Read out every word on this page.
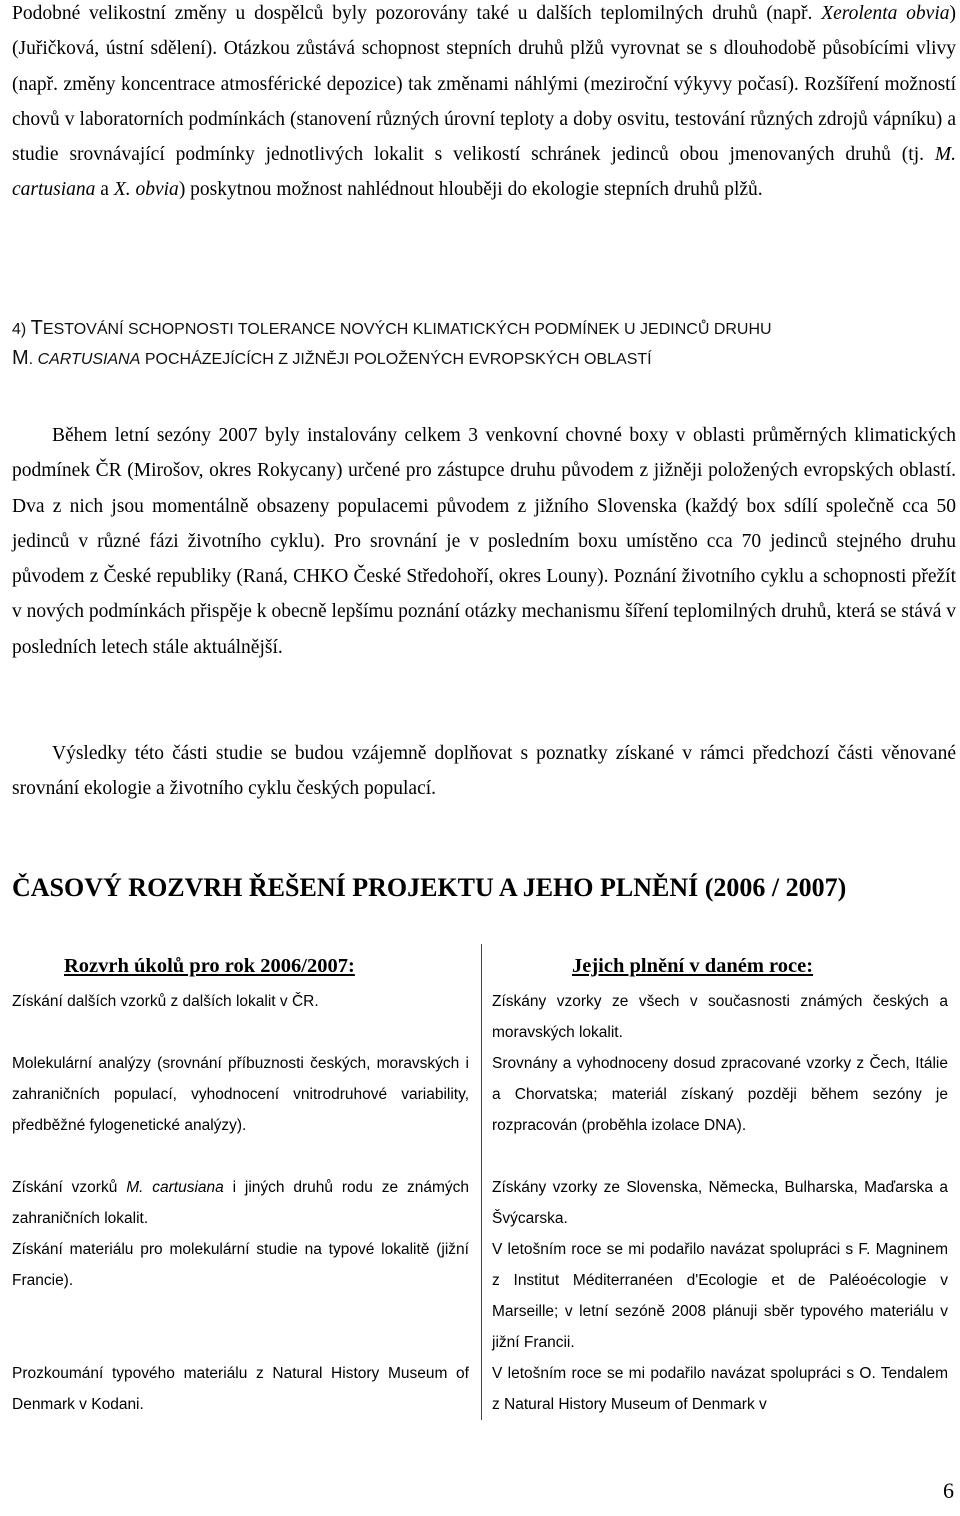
Podobné velikostní změny u dospělců byly pozorovány také u dalších teplomilných druhů (např. Xerolenta obvia) (Juřičková, ústní sdělení). Otázkou zůstává schopnost stepních druhů plžů vyrovnat se s dlouhodobě působícími vlivy (např. změny koncentrace atmosférické depozice) tak změnami náhlými (meziroční výkyvy počasí). Rozšíření možností chovů v laboratorních podmínkách (stanovení různých úrovní teploty a doby osvitu, testování různých zdrojů vápníku) a studie srovnávající podmínky jednotlivých lokalit s velikostí schránek jedinců obou jmenovaných druhů (tj. M. cartusiana a X. obvia) poskytnou možnost nahlédnout hlouběji do ekologie stepních druhů plžů.

4) TESTOVÁNÍ SCHOPNOSTI TOLERANCE NOVÝCH KLIMATICKÝCH PODMÍNEK U JEDINCŮ DRUHU
M. CARTUSIANA POCHÁZEJÍCÍCH Z JIŽNĚJI POLOŽENÝCH EVROPSKÝCH OBLASTÍ

Během letní sezóny 2007 byly instalovány celkem 3 venkovní chovné boxy v oblasti průměrných klimatických podmínek ČR (Mirošov, okres Rokycany) určené pro zástupce druhu původem z jižněji položených evropských oblastí. Dva z nich jsou momentálně obsazeny populacemi původem z jižního Slovenska (každý box sdílí společně cca 50 jedinců v různé fázi životního cyklu). Pro srovnání je v posledním boxu umístěno cca 70 jedinců stejného druhu původem z České republiky (Raná, CHKO České Středohoří, okres Louny). Poznání životního cyklu a schopnosti přežít v nových podmínkách přispěje k obecně lepšímu poznání otázky mechanismu šíření teplomilných druhů, která se stává v posledních letech stále aktuálnější.

Výsledky této části studie se budou vzájemně doplňovat s poznatky získané v rámci předchozí části věnované srovnání ekologie a životního cyklu českých populací.

ČASOVÝ ROZVRH ŘEŠENÍ PROJEKTU A JEHO PLNĚNÍ (2006 / 2007)
Rozvrh úkolů pro rok 2006/2007:	Jejich plnění v daném roce:

Získání dalších vzorků z dalších lokalit v ČR.

Molekulární analýzy (srovnání příbuznosti českých, moravských i zahraničních populací, vyhodnocení vnitrodruhové variability, předběžné fylogenetické analýzy).

Získání vzorků M. cartusiana i jiných druhů rodu ze známých zahraničních lokalit.

Získání materiálu pro molekulární studie na typové lokalitě (jižní Francie).

Prozkoumání typového materiálu z Natural History Museum of Denmark v Kodani.

Získány vzorky ze všech v současnosti známých českých a moravských lokalit.

Srovnány a vyhodnoceny dosud zpracované vzorky z Čech, Itálie a Chorvatska; materiál získaný později během sezóny je rozpracován (proběhla izolace DNA).

Získány vzorky ze Slovenska, Německa, Bulharska, Maďarska a Švýcarska.

V letošním roce se mi podařilo navázat spolupráci s F. Magninem z Institut Méditerranéen d'Ecologie et de Paléoécologie v Marseille; v letní sezóně 2008 plánuji sběr typového materiálu v jižní Francii.

V letošním roce se mi podařilo navázat spolupráci s O. Tendalem z Natural History Museum of Denmark v

6
